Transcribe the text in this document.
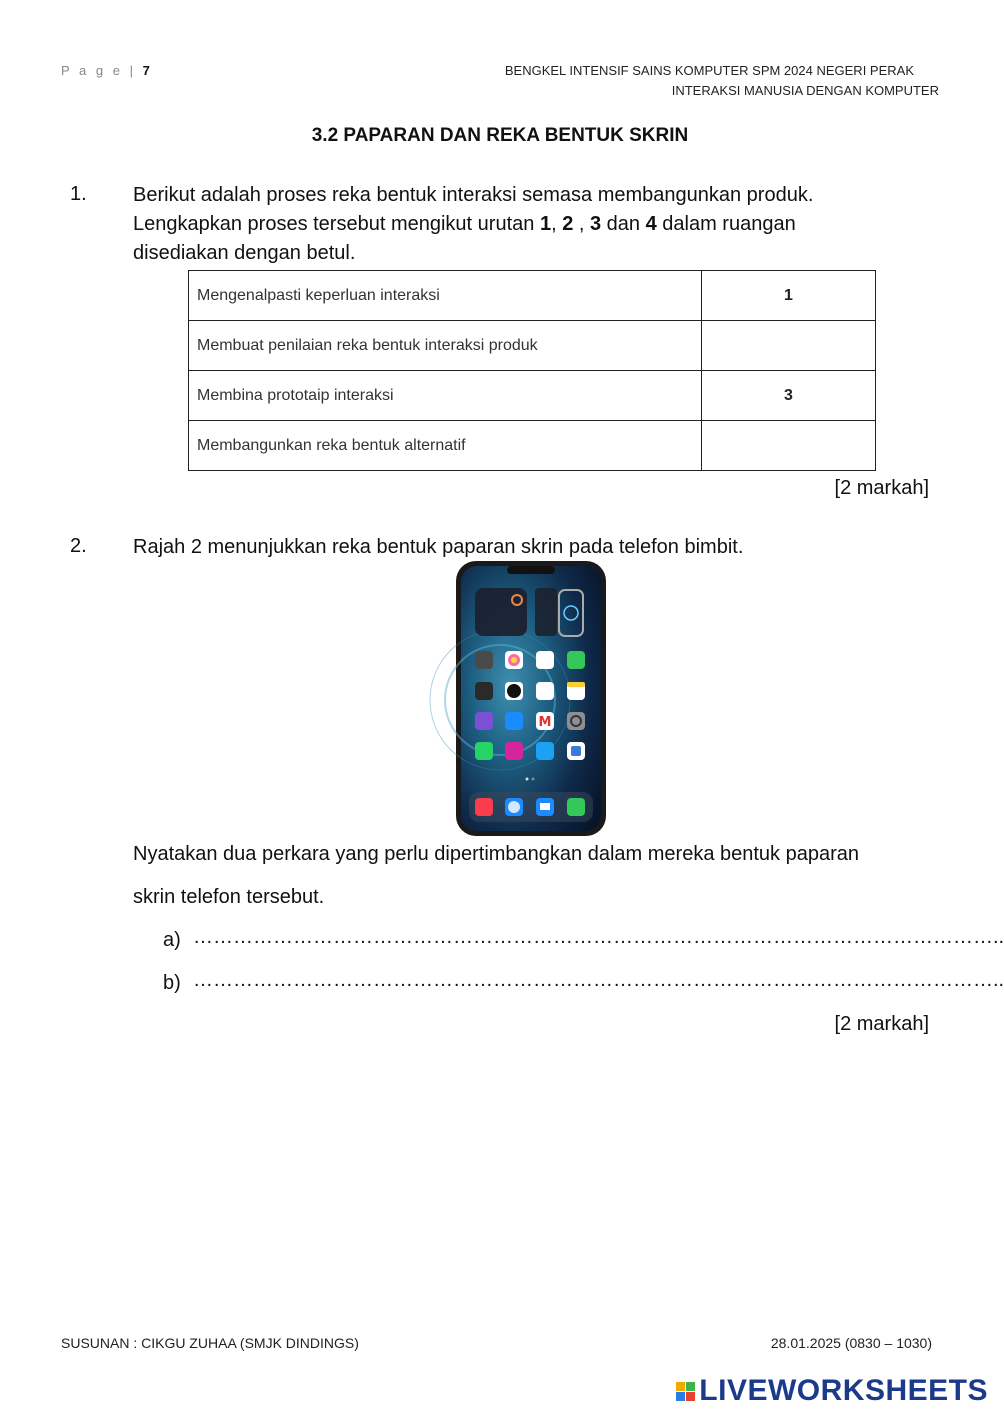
P a g e | 7	BENGKEL INTENSIF SAINS KOMPUTER SPM 2024 NEGERI PERAK
INTERAKSI MANUSIA DENGAN KOMPUTER
3.2 PAPARAN DAN REKA BENTUK SKRIN
1. Berikut adalah proses reka bentuk interaksi semasa membangunkan produk.
Lengkapkan proses tersebut mengikut urutan 1, 2 , 3 dan 4 dalam ruangan
disediakan dengan betul.
Mengenalpasti keperluan interaksi	1
Membuat penilaian reka bentuk interaksi produk	
Membina prototaip interaksi	3
Membangunkan reka bentuk alternatif	
[2 markah]
2. Rajah 2 menunjukkan reka bentuk paparan skrin pada telefon bimbit.
M
Nyatakan dua perkara yang perlu dipertimbangkan dalam mereka bentuk paparan
skrin telefon tersebut.
a) …………………………………………………………………………………………………………..
b) …………………………………………………………………………………………………………..
[2 markah]
SUSUNAN : CIKGU ZUHAA (SMJK DINDINGS)	28.01.2025 (0830 – 1030)
LIVEWORKSHEETS
